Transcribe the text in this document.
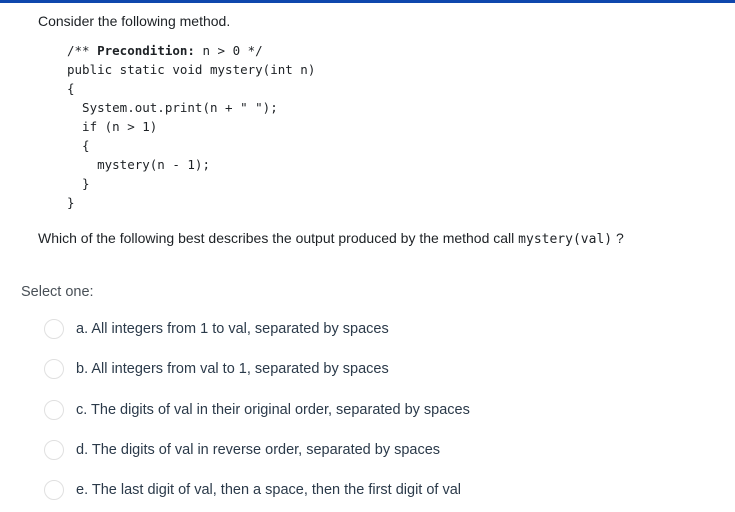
Consider the following method.
/** Precondition: n > 0 */
public static void mystery(int n)
{
System.out.print(n + " ");
if (n > 1)
{
mystery(n - 1);
}
}
Which of the following best describes the output produced by the method call mystery(val) ?
Select one:
a. All integers from 1 to val, separated by spaces
b. All integers from val to 1, separated by spaces
c. The digits of val in their original order, separated by spaces
d. The digits of val in reverse order, separated by spaces
e. The last digit of val, then a space, then the first digit of val
